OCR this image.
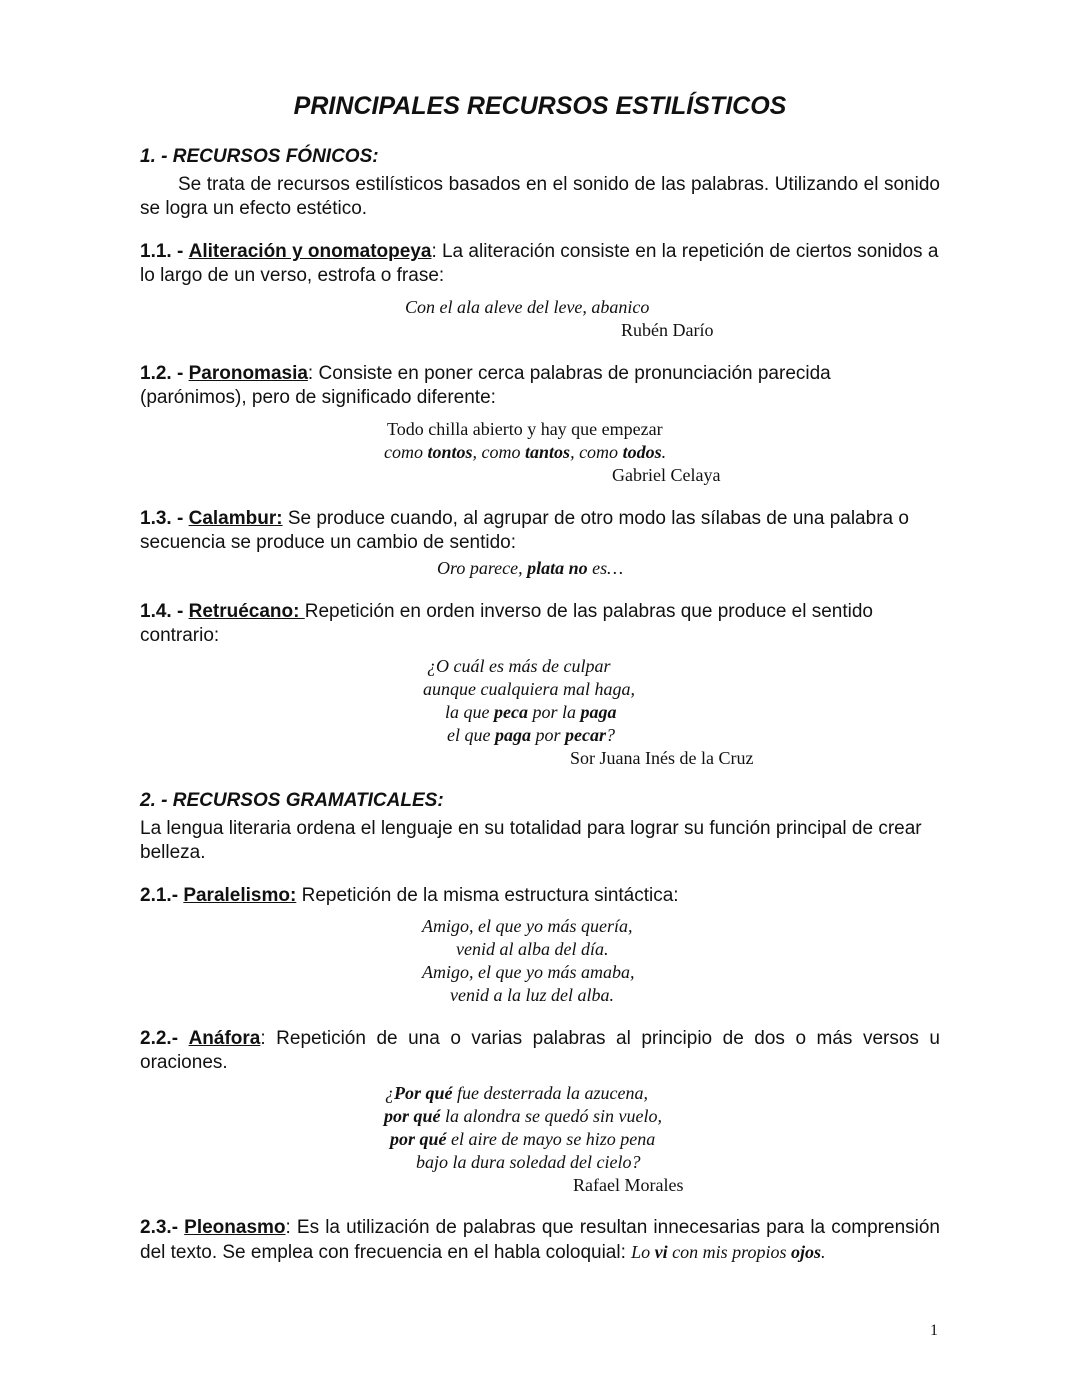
PRINCIPALES RECURSOS ESTILÍSTICOS
1. - RECURSOS FÓNICOS:
Se trata de recursos estilísticos basados en el sonido de las palabras. Utilizando el sonido se logra un efecto estético.
1.1. - Aliteración y onomatopeya: La aliteración consiste en la repetición de ciertos sonidos a lo largo de un verso, estrofa o frase:
Con el ala aleve del leve, abanico
Rubén Darío
1.2. - Paronomasia: Consiste en poner cerca palabras de pronunciación parecida (parónimos), pero de significado diferente:
Todo chilla abierto y hay que empezar
como tontos, como tantos, como todos.
Gabriel Celaya
1.3. - Calambur: Se produce cuando, al agrupar de otro modo las sílabas de una palabra o secuencia se produce un cambio de sentido:
Oro parece, plata no es…
1.4. - Retruécano: Repetición en orden inverso de las palabras que produce el sentido contrario:
¿O cuál es más de culpar
aunque cualquiera mal haga,
la que peca por la paga
el que paga por pecar?
Sor Juana Inés de la Cruz
2. - RECURSOS GRAMATICALES:
La lengua literaria ordena el lenguaje en su totalidad para lograr su función principal de crear belleza.
2.1.- Paralelismo: Repetición de la misma estructura sintáctica:
Amigo, el que yo más quería,
venid al alba del día.
Amigo, el que yo más amaba,
venid a la luz del alba.
2.2.- Anáfora: Repetición de una o varias palabras al principio de dos o más versos u oraciones.
¿Por qué fue desterrada la azucena,
por qué la alondra se quedó sin vuelo,
por qué el aire de mayo se hizo pena
bajo la dura soledad del cielo?
Rafael Morales
2.3.- Pleonasmo: Es la utilización de palabras que resultan innecesarias para la comprensión del texto. Se emplea con frecuencia en el habla coloquial: Lo vi con mis propios ojos.
1
